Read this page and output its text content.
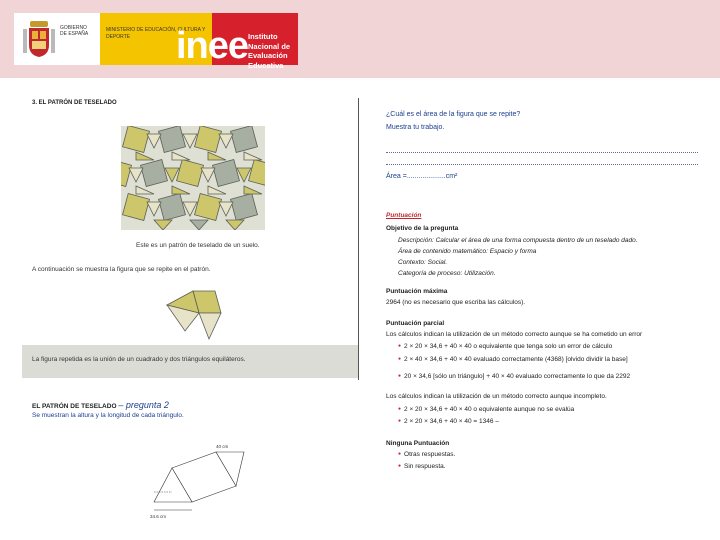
GOBIERNO DE ESPAÑA
MINISTERIO DE EDUCACIÓN, CULTURA Y DEPORTE	inee Instituto Nacional de Evaluación Educativa
3. EL PATRÓN DE TESELADO
Este es un patrón de teselado de un suelo.
A continuación se muestra la figura que se repite en el patrón.
La figura repetida es la unión de un cuadrado y dos triángulos equiláteros.
EL PATRÓN DE TESELADO – pregunta 2
Se muestran la altura y la longitud de cada triángulo.
40 cm
34.6 cm
¿Cuál es el área de la figura que se repite?
Muestra tu trabajo.
Área =....................cm²
Puntuación
Objetivo de la pregunta
Descripción: Calcular el área de una forma compuesta dentro de un teselado dado.
Área de contenido matemático: Espacio y forma
Contexto: Social.
Categoría de proceso: Utilización.
Puntuación máxima
2964 (no es necesario que escriba las cálculos).
Puntuación parcial
Los cálculos indican la utilización de un método correcto aunque se ha cometido un error
● 2 × 20 × 34,6 + 40 × 40 o equivalente que tenga solo un error de cálculo
● 2 × 40 × 34,6 + 40 × 40 evaluado correctamente (4368) [olvido dividir la base]
● 20 × 34,6 [sólo un triángulo] + 40 × 40 evaluado correctamente lo que da 2292
Los cálculos indican la utilización de un método correcto aunque incompleto.
● 2 × 20 × 34,6 + 40 × 40 o equivalente aunque no se evalúa
● 2 × 20 × 34,6 + 40 × 40 = 1346 –
Ninguna Puntuación
● Otras respuestas.
● Sin respuesta.
